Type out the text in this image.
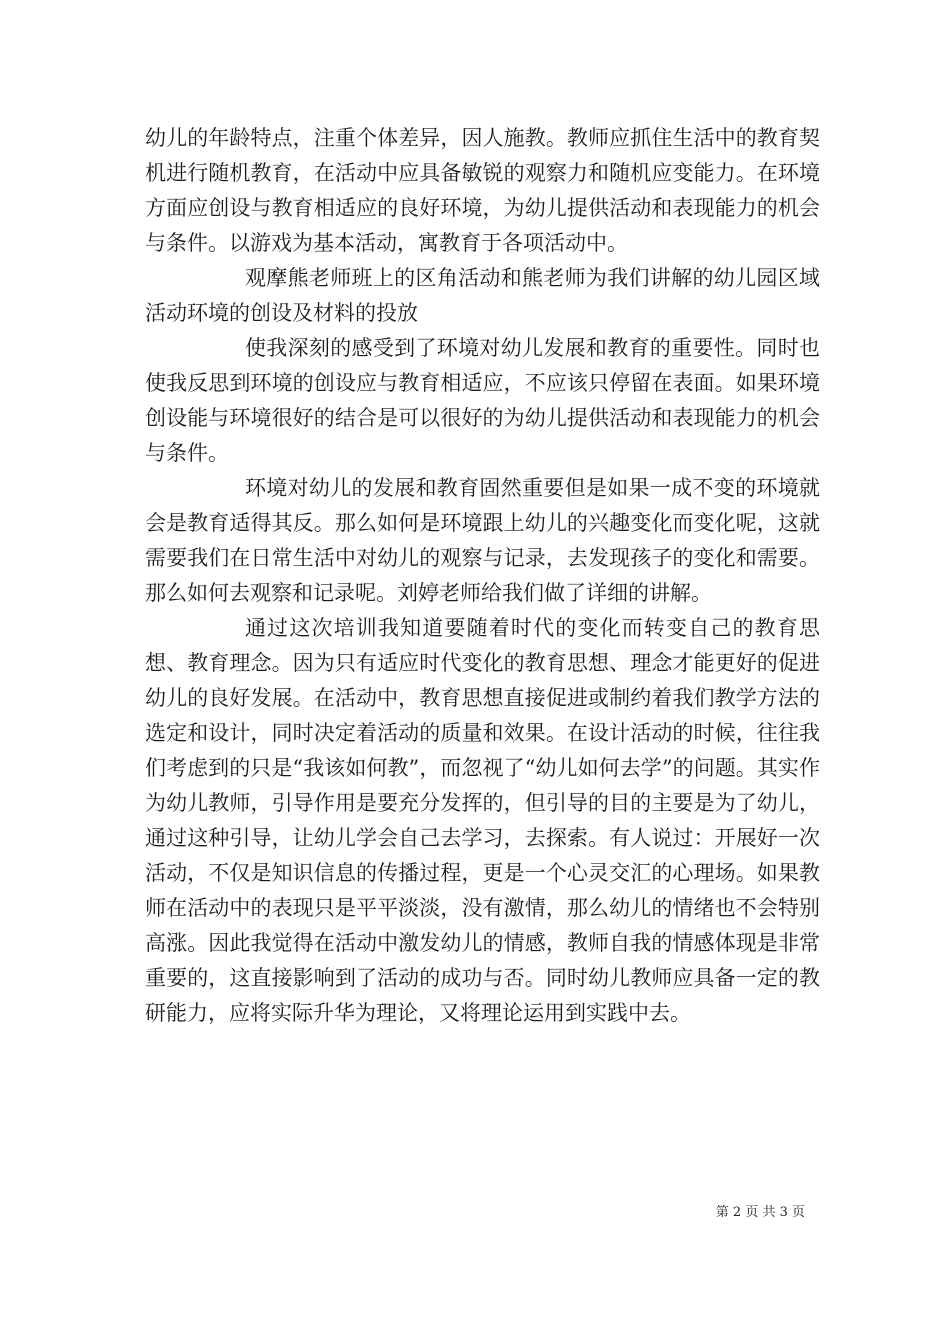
幼儿的年龄特点，注重个体差异，因人施教。教师应抓住生活中的教育契机进行随机教育，在活动中应具备敏锐的观察力和随机应变能力。在环境方面应创设与教育相适应的良好环境，为幼儿提供活动和表现能力的机会与条件。以游戏为基本活动，寓教育于各项活动中。

观摩熊老师班上的区角活动和熊老师为我们讲解的幼儿园区域活动环境的创设及材料的投放

使我深刻的感受到了环境对幼儿发展和教育的重要性。同时也使我反思到环境的创设应与教育相适应，不应该只停留在表面。如果环境创设能与环境很好的结合是可以很好的为幼儿提供活动和表现能力的机会与条件。

环境对幼儿的发展和教育固然重要但是如果一成不变的环境就会是教育适得其反。那么如何是环境跟上幼儿的兴趣变化而变化呢，这就需要我们在日常生活中对幼儿的观察与记录，去发现孩子的变化和需要。那么如何去观察和记录呢。刘婷老师给我们做了详细的讲解。

通过这次培训我知道要随着时代的变化而转变自己的教育思想、教育理念。因为只有适应时代变化的教育思想、理念才能更好的促进幼儿的良好发展。在活动中，教育思想直接促进或制约着我们教学方法的选定和设计，同时决定着活动的质量和效果。在设计活动的时候，往往我们考虑到的只是“我该如何教”，而忽视了“幼儿如何去学”的问题。其实作为幼儿教师，引导作用是要充分发挥的，但引导的目的主要是为了幼儿，通过这种引导，让幼儿学会自己去学习，去探索。有人说过：开展好一次活动，不仅是知识信息的传播过程，更是一个心灵交汇的心理场。如果教师在活动中的表现只是平平淡淡，没有激情，那么幼儿的情绪也不会特别高涨。因此我觉得在活动中激发幼儿的情感，教师自我的情感体现是非常重要的，这直接影响到了活动的成功与否。同时幼儿教师应具备一定的教研能力，应将实际升华为理论，又将理论运用到实践中去。

第 2 页 共 3 页
